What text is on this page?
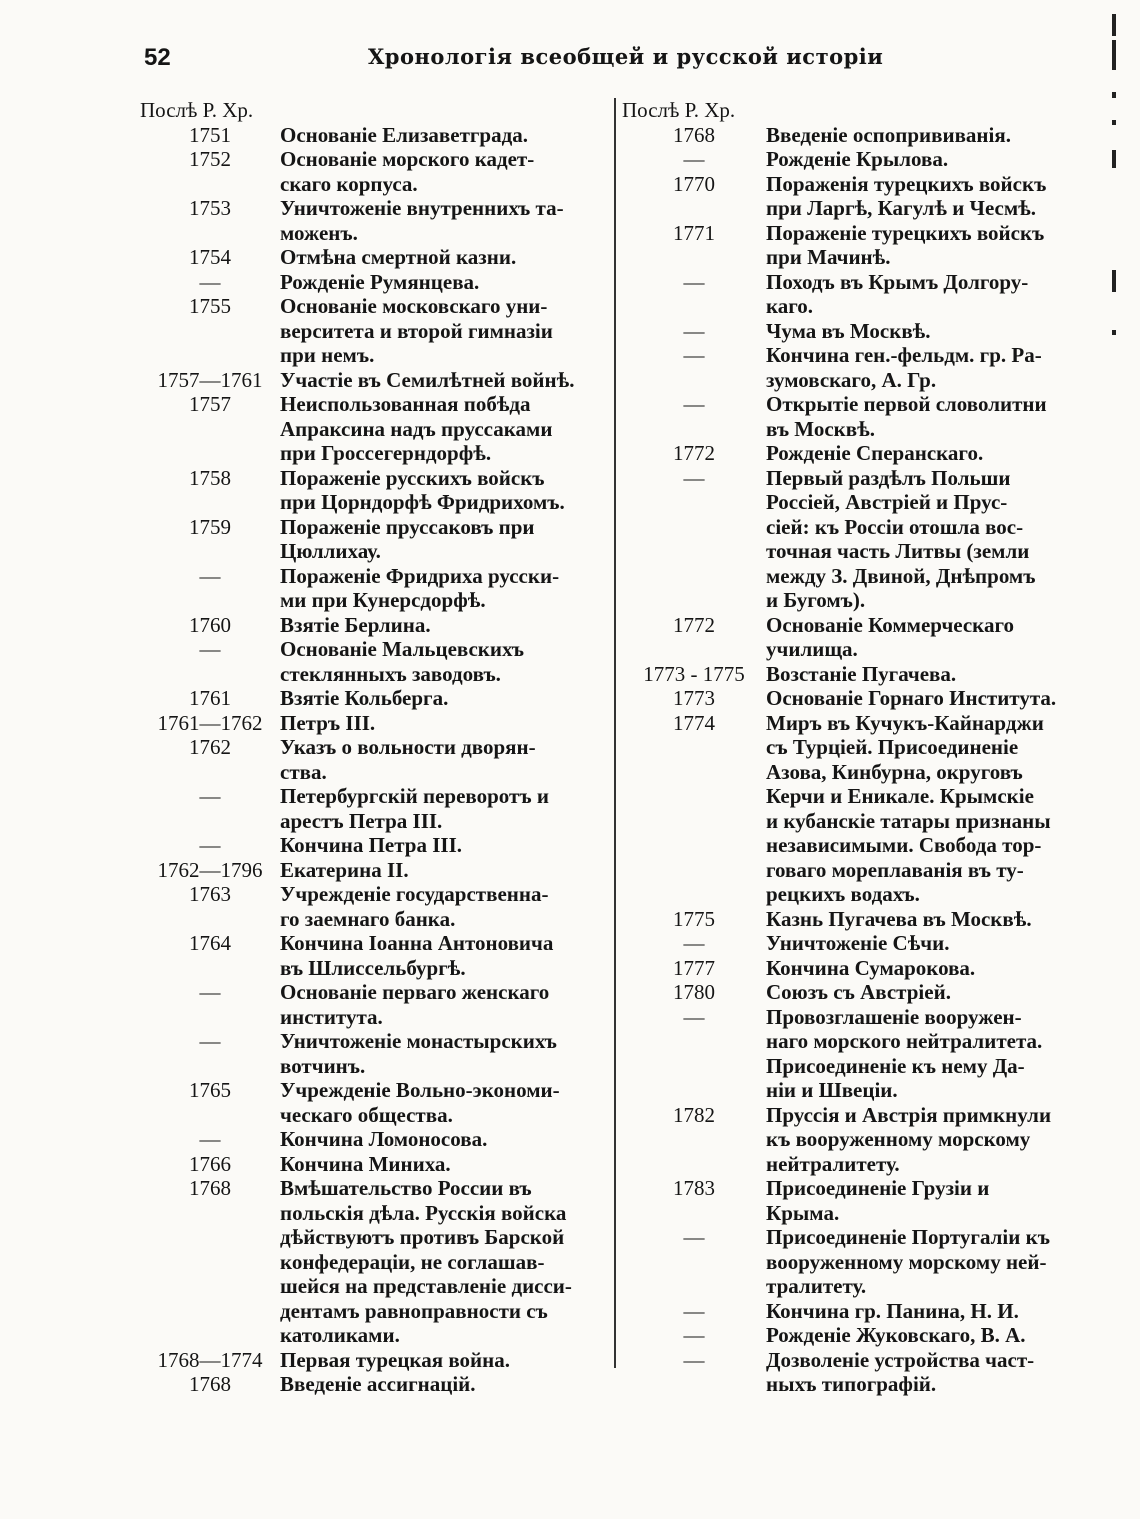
52	Хронологія всеобщей и русской исторіи
Послѣ Р. Хр.
1751	Основаніе Елизаветграда.
1752	Основаніе морского кадет-
скаго корпуса.
1753	Уничтоженіе внутреннихъ та-
моженъ.
1754	Отмѣна смертной казни.
—	Рожденіе Румянцева.
1755	Основаніе московскаго уни-
верситета и второй гимназіи
при немъ.
1757—1761 Участіе въ Семилѣтней войнѣ.
1757	Неиспользованная побѣда
Апраксина надъ пруссаками
при Гроссегерндорфѣ.
1758	Пораженіе русскихъ войскъ
при Цорндорфѣ Фридрихомъ.
1759	Пораженіе пруссаковъ при
Цюллихау.
—	Пораженіе Фридриха русски-
ми при Кунерсдорфѣ.
1760	Взятіе Берлина.
—	Основаніе Мальцевскихъ
стеклянныхъ заводовъ.
1761	Взятіе Кольберга.
1761—1762 Петръ III.
1762	Указъ о вольности дворян-
ства.
—	Петербургскій переворотъ и
арестъ Петра III.
—	Кончина Петра III.
1762—1796 Екатерина II.
1763	Учрежденіе государственна-
го заемнаго банка.
1764	Кончина Іоанна Антоновича
въ Шлиссельбургѣ.
—	Основаніе перваго женскаго
института.
—	Уничтоженіе монастырскихъ
вотчинъ.
1765	Учрежденіе Вольно-экономи-
ческаго общества.
—	Кончина Ломоносова.
1766	Кончина Миниха.
1768	Вмѣшательство России въ
польскія дѣла. Русскія войска
дѣйствуютъ противъ Барской
конфедераціи, не соглашав-
шейся на представленіе дисси-
дентамъ равноправности съ
католиками.
1768—1774 Первая турецкая война.
1768	Введеніе ассигнацій.
Послѣ Р. Хр.
1768	Введеніе оспопрививанія.
—	Рожденіе Крылова.
1770	Пораженія турецкихъ войскъ
при Ларгѣ, Кагулѣ и Чесмѣ.
1771	Пораженіе турецкихъ войскъ
при Мачинѣ.
—	Походъ въ Крымъ Долгору-
каго.
—	Чума въ Москвѣ.
—	Кончина ген.-фельдм. гр. Ра-
зумовскаго, А. Гр.
—	Открытіе первой словолитни
въ Москвѣ.
1772	Рожденіе Сперанскаго.
—	Первый раздѣлъ Польши
Россіей, Австріей и Прус-
сіей: къ Россіи отошла вос-
точная часть Литвы (земли
между З. Двиной, Днѣпромъ
и Бугомъ).
1772	Основаніе Коммерческаго
училища.
1773 - 1775	Возстаніе Пугачева.
1773	Основаніе Горнаго Института.
1774	Миръ въ Кучукъ-Кайнарджи
съ Турціей. Присоединеніе
Азова, Кинбурна, округовъ
Керчи и Еникале. Крымскіе
и кубанскіе татары признаны
независимыми. Свобода тор-
говаго мореплаванія въ ту-
рецкихъ водахъ.
1775	Казнь Пугачева въ Москвѣ.
—	Уничтоженіе Сѣчи.
1777	Кончина Сумарокова.
1780	Союзъ съ Австріей.
—	Провозглашеніе вооружен-
наго морского нейтралитета.
Присоединеніе къ нему Да-
ніи и Швеціи.
1782	Пруссія и Австрія примкнули
къ вооруженному морскому
нейтралитету.
1783	Присоединеніе Грузіи и
Крыма.
—	Присоединеніе Португаліи къ
вооруженному морскому ней-
тралитету.
—	Кончина гр. Панина, Н. И.
—	Рожденіе Жуковскаго, В. А.
—	Дозволеніе устройства част-
ныхъ типографій.
